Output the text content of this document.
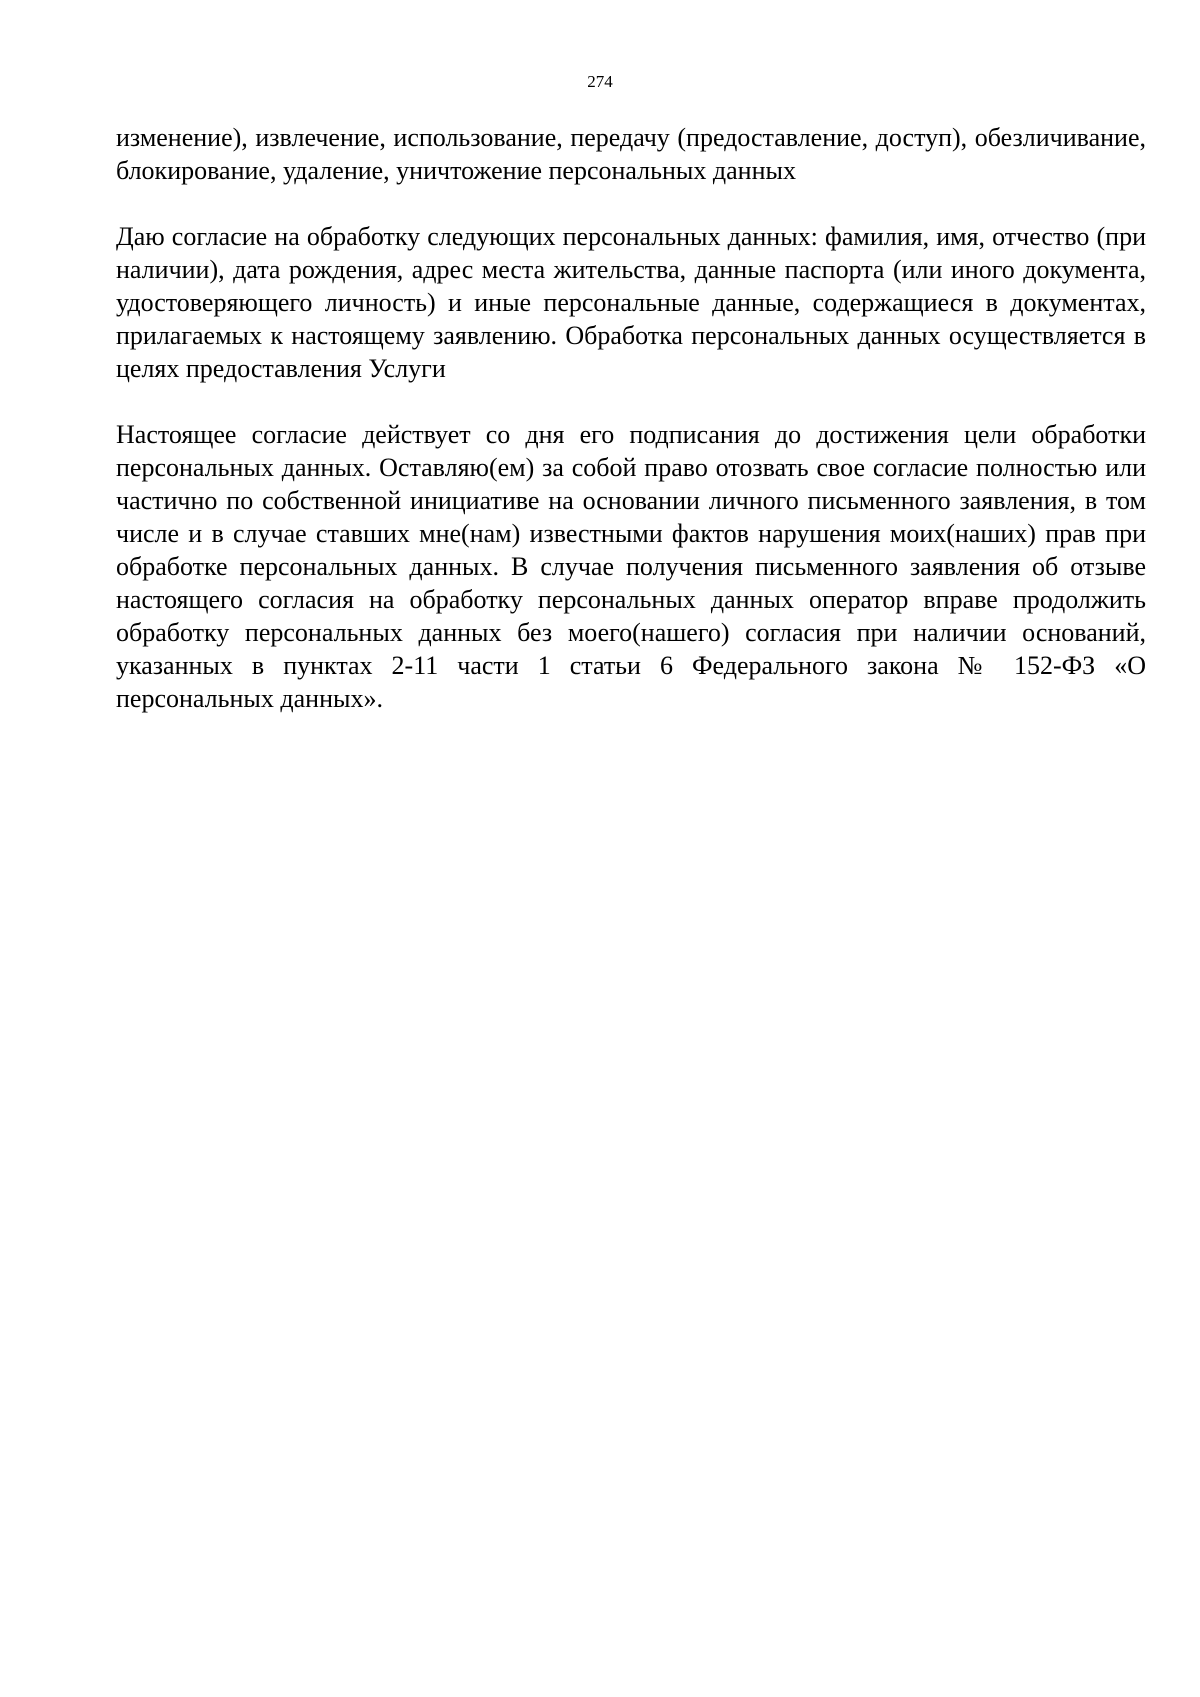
274

изменение), извлечение, использование, передачу (предоставление, доступ), обезличивание, блокирование, удаление, уничтожение персональных данных

Даю согласие на обработку следующих персональных данных: фамилия, имя, отчество (при наличии), дата рождения, адрес места жительства, данные паспорта (или иного документа, удостоверяющего личность) и иные персональные данные, содержащиеся в документах, прилагаемых к настоящему заявлению. Обработка персональных данных осуществляется в целях предоставления Услуги

Настоящее согласие действует со дня его подписания до достижения цели обработки персональных данных. Оставляю(ем) за собой право отозвать свое согласие полностью или частично по собственной инициативе на основании личного письменного заявления, в том числе и в случае ставших мне(нам) известными фактов нарушения моих(наших) прав при обработке персональных данных. В случае получения письменного заявления об отзыве настоящего согласия на обработку персональных данных оператор вправе продолжить обработку персональных данных без моего(нашего) согласия при наличии оснований, указанных в пунктах 2-11 части 1 статьи 6 Федерального закона № 152-ФЗ «О персональных данных».
